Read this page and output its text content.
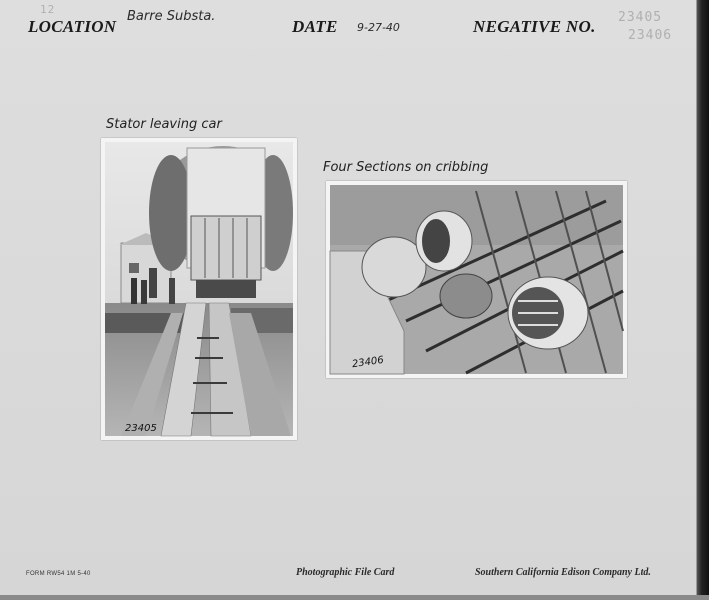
12
LOCATION
Barre Substa.
DATE 9-27-40	NEGATIVE NO. 23405
23406
Stator leaving car
23405
Four Sections on cribbing
23406
FORM RW54 1M 5-40	Photographic File Card	Southern California Edison Company Ltd.
